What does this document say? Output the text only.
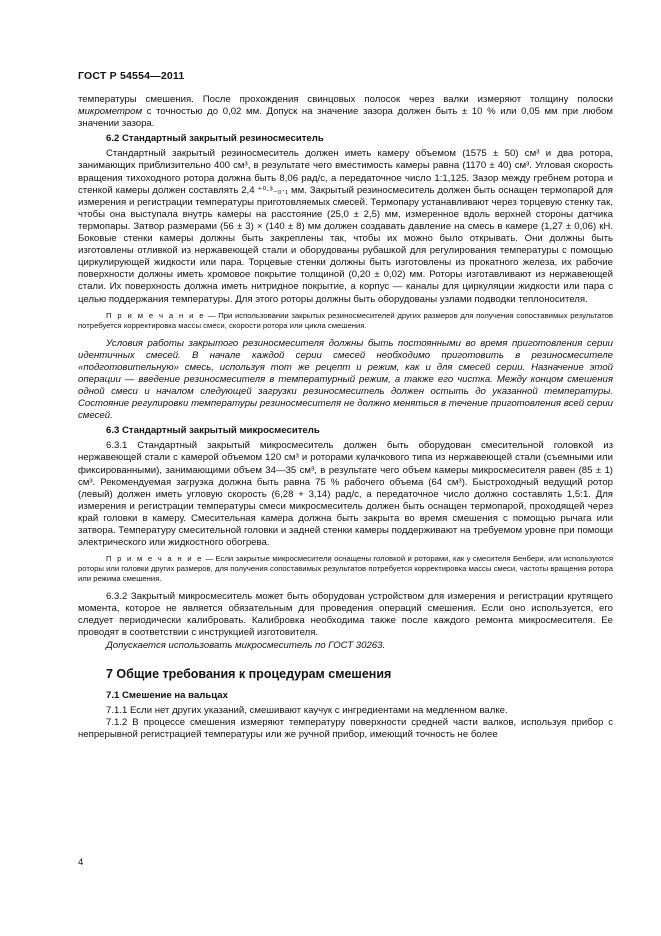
ГОСТ Р 54554—2011

температуры смешения. После прохождения свинцовых полосок через валки измеряют толщину полоски микрометром с точностью до 0,02 мм. Допуск на значение зазора должен быть ± 10 % или 0,05 мм при любом значении зазора.

6.2 Стандартный закрытый резиносмеситель

Стандартный закрытый резиносмеситель должен иметь камеру объемом (1575 ± 50) см³ и два ротора, занимающих приблизительно 400 см³, в результате чего вместимость камеры равна (1170 ± 40) см³. Угловая скорость вращения тихоходного ротора должна быть 8,06 рад/с, а передаточное число 1:1,125. Зазор между гребнем ротора и стенкой камеры должен составлять 2,4 ⁺⁰·³₋₀·₁ мм. Закрытый резиносмеситель должен быть оснащен термопарой для измерения и регистрации температуры приготовляемых смесей. Термопару устанавливают через торцевую стенку так, чтобы она выступала внутрь камеры на расстояние (25,0 ± 2,5) мм, измеренное вдоль верхней стороны датчика термопары. Затвор размерами (56 ± 3) × (140 ± 8) мм должен создавать давление на смесь в камере (1,27 ± 0,06) кН. Боковые стенки камеры должны быть закреплены так, чтобы их можно было открывать. Они должны быть изготовлены отливкой из нержавеющей стали и оборудованы рубашкой для регулирования температуры с помощью циркулирующей жидкости или пара. Торцевые стенки должны быть изготовлены из прокатного железа, их рабочие поверхности должны иметь хромовое покрытие толщиной (0,20 ± 0,02) мм. Роторы изготавливают из нержавеющей стали. Их поверхность должна иметь нитридное покрытие, а корпус — каналы для циркуляции жидкости или пара с целью поддержания температуры. Для этого роторы должны быть оборудованы узлами подводки теплоносителя.

П р и м е ч а н и е — При использовании закрытых резиносмесителей других размеров для получения сопоставимых результатов потребуется корректировка массы смеси, скорости ротора или цикла смешения.

Условия работы закрытого резиносмесителя должны быть постоянными во время приготовления серии идентичных смесей. В начале каждой серии смесей необходимо приготовить в резиносмесителе «подготовительную» смесь, используя тот же рецепт и режим, как и для смесей серии. Назначение этой операции — введение резиносмесителя в температурный режим, а также его чистка. Между концом смешения одной смеси и началом следующей загрузки резиносмеситель должен остыть до указанной температуры. Состояние регулировки температуры резиносмесителя не должно меняться в течение приготовления всей серии смесей.

6.3 Стандартный закрытый микросмеситель

6.3.1 Стандартный закрытый микросмеситель должен быть оборудован смесительной головкой из нержавеющей стали с камерой объемом 120 см³ и роторами кулачкового типа из нержавеющей стали (съемными или фиксированными), занимающими объем 34—35 см³, в результате чего объем камеры микросмесителя равен (85 ± 1) см³. Рекомендуемая загрузка должна быть равна 75 % рабочего объема (64 см³). Быстроходный ведущий ротор (левый) должен иметь угловую скорость (6,28 + 3,14) рад/с, а передаточное число должно составлять 1,5:1. Для измерения и регистрации температуры смеси микросмеситель должен быть оснащен термопарой, проходящей через край головки в камеру. Смесительная камера должна быть закрыта во время смешения с помощью рычага или затвора. Температуру смесительной головки и задней стенки камеры поддерживают на требуемом уровне при помощи электрического или жидкостного обогрева.

П р и м е ч а н и е — Если закрытые микросмесители оснащены головкой и роторами, как у смесителя Бенбери, или используются роторы или головки других размеров, для получения сопоставимых результатов потребуется корректировка массы смеси, частоты вращения ротора или режима смешения.

6.3.2 Закрытый микросмеситель может быть оборудован устройством для измерения и регистрации крутящего момента, которое не является обязательным для проведения операций смешения. Если оно используется, его следует периодически калибровать. Калибровка необходима также после каждого ремонта микросмесителя. Ее проводят в соответствии с инструкцией изготовителя.

Допускается использовать микросмеситель по ГОСТ 30263.

7 Общие требования к процедурам смешения
7.1 Смешение на вальцах

7.1.1 Если нет других указаний, смешивают каучук с ингредиентами на медленном валке.

7.1.2 В процессе смешения измеряют температуру поверхности средней части валков, используя прибор с непрерывной регистрацией температуры или же ручной прибор, имеющий точность не более

4
